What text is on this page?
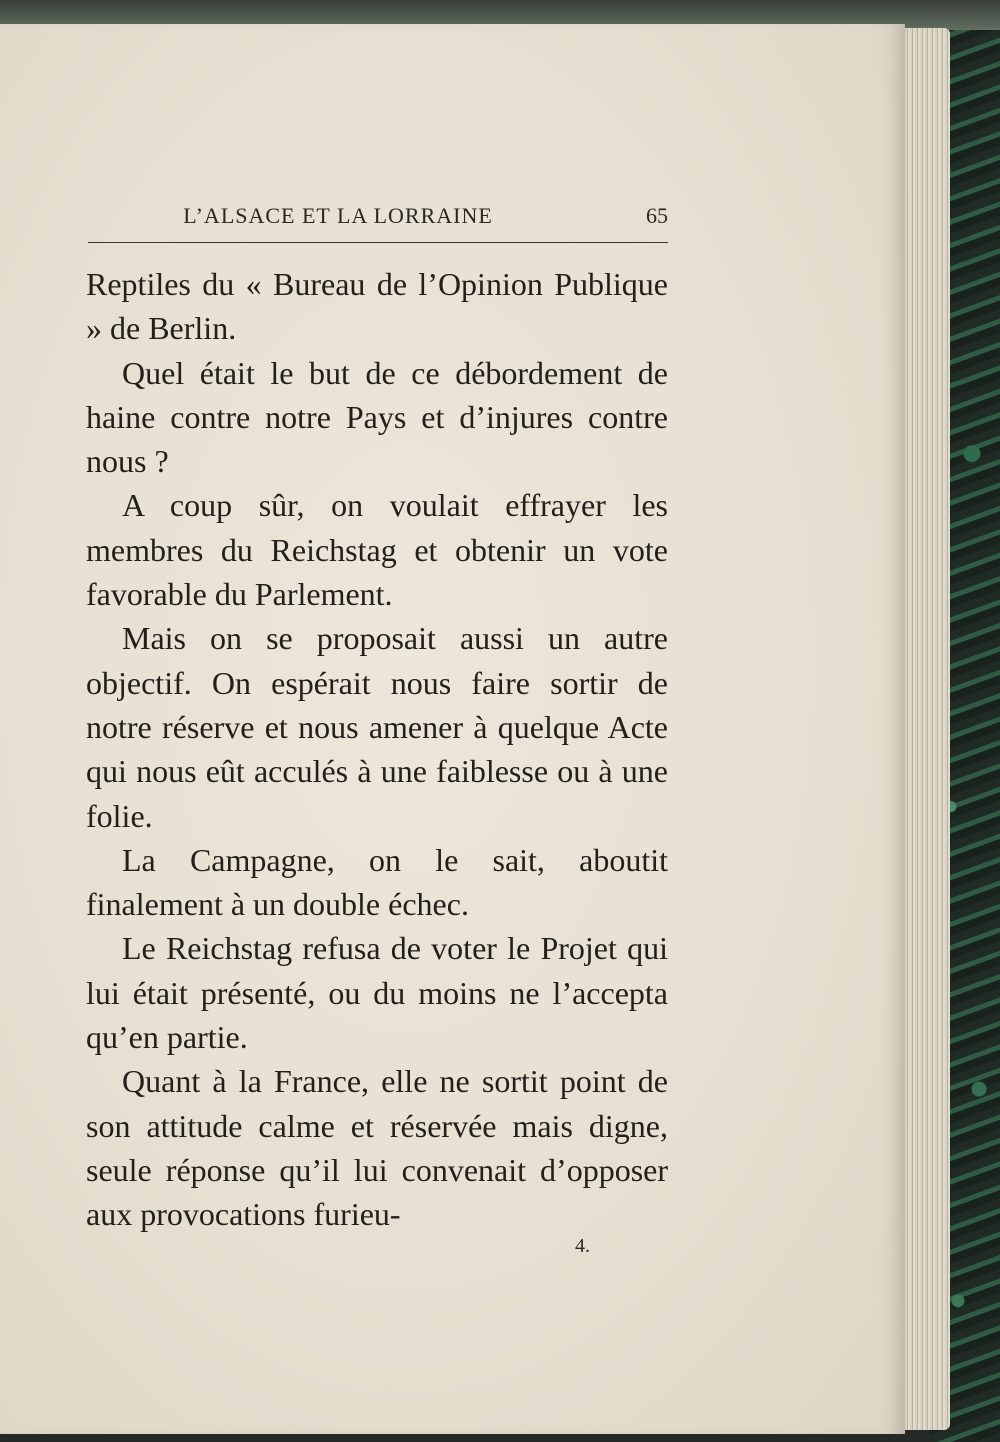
L’ALSACE ET LA LORRAINE	65

Reptiles du « Bureau de l’Opinion Publique » de Berlin.

Quel était le but de ce débordement de haine contre notre Pays et d’injures contre nous ?

A coup sûr, on voulait effrayer les membres du Reichstag et obtenir un vote favorable du Parlement.

Mais on se proposait aussi un autre objectif. On espérait nous faire sortir de notre réserve et nous amener à quelque Acte qui nous eût acculés à une faiblesse ou à une folie.

La Campagne, on le sait, aboutit finalement à un double échec.

Le Reichstag refusa de voter le Projet qui lui était présenté, ou du moins ne l’accepta qu’en partie.

Quant à la France, elle ne sortit point de son attitude calme et réservée mais digne, seule réponse qu’il lui convenait d’opposer aux provocations furieu-

4.
